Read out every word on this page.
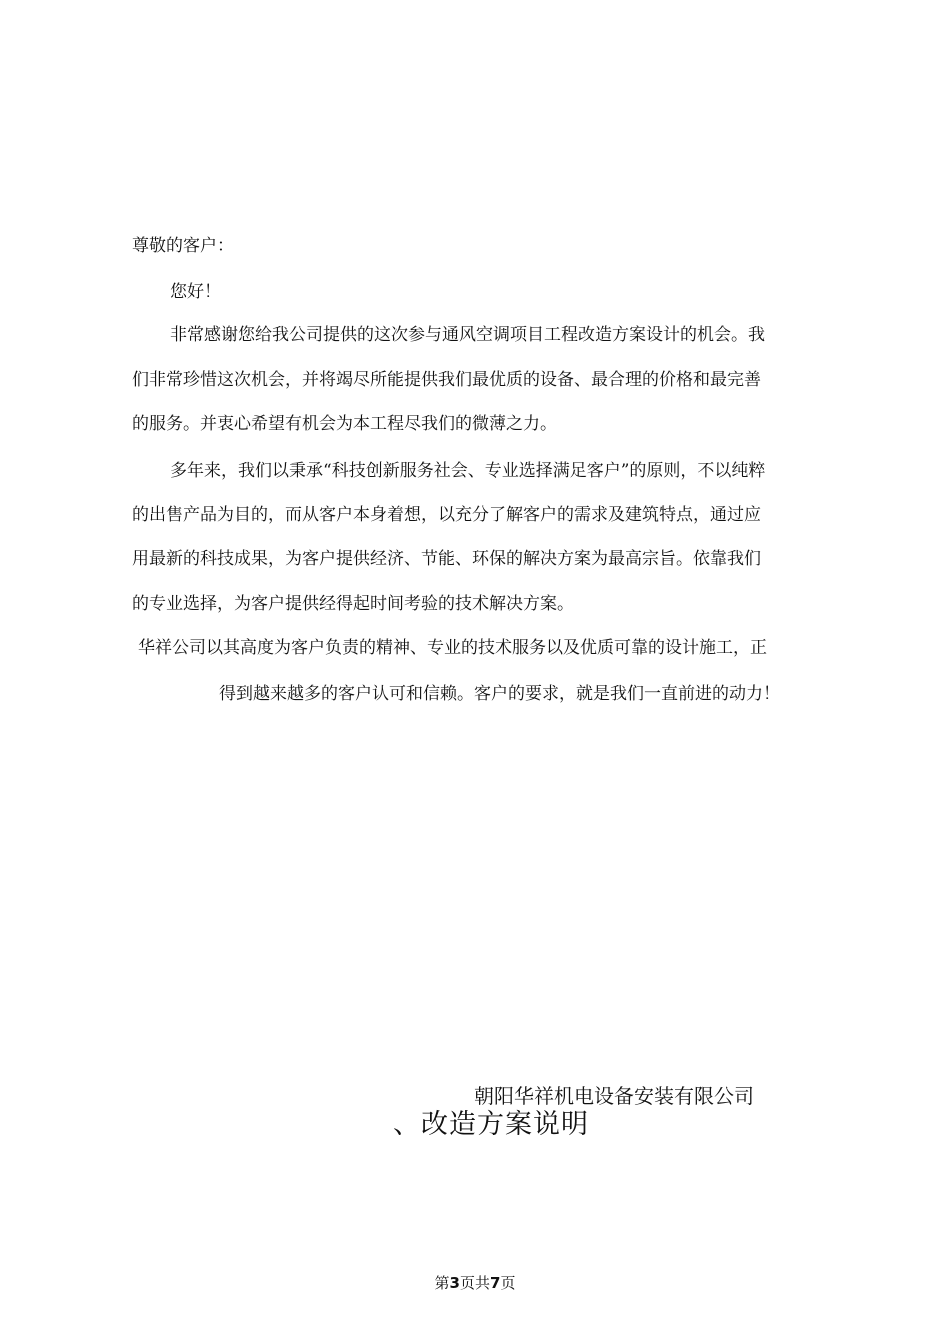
尊敬的客户：
您好！
非常感谢您给我公司提供的这次参与通风空调项目工程改造方案设计的机会。我
们非常珍惜这次机会，并将竭尽所能提供我们最优质的设备、最合理的价格和最完善
的服务。并衷心希望有机会为本工程尽我们的微薄之力。
多年来，我们以秉承“科技创新服务社会、专业选择满足客户”的原则，不以纯粹
的出售产品为目的，而从客户本身着想，以充分了解客户的需求及建筑特点，通过应
用最新的科技成果，为客户提供经济、节能、环保的解决方案为最高宗旨。依靠我们
的专业选择，为客户提供经得起时间考验的技术解决方案。
华祥公司以其高度为客户负责的精神、专业的技术服务以及优质可靠的设计施工，正
得到越来越多的客户认可和信赖。客户的要求，就是我们一直前进的动力！
朝阳华祥机电设备安装有限公司
、改造方案说明
第3页共7页
